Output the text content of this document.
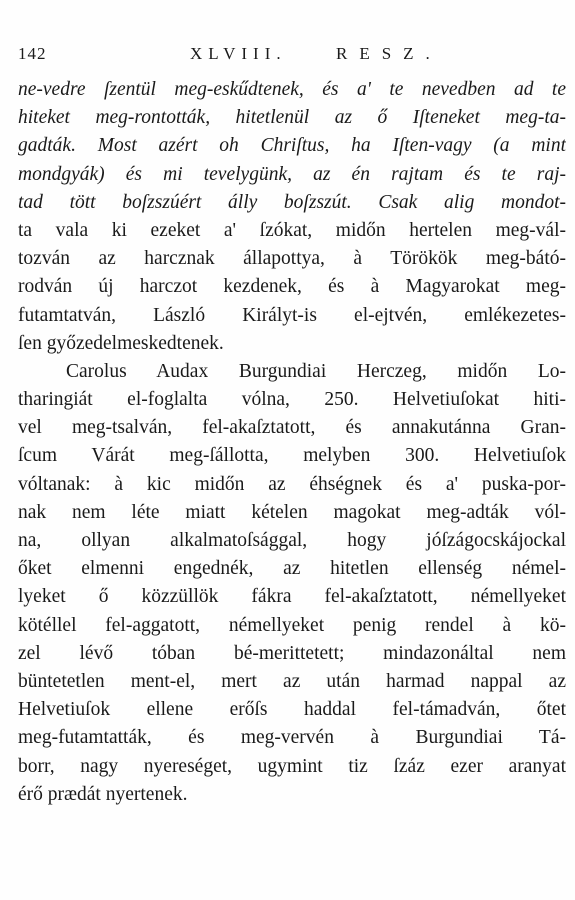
142	XLVIII.	RESZ.
ne-vedre ſzentül meg-eskűdtenek, és a' te nevedben ad te
hiteket meg-rontották, hitetlenül az ő Iſteneket meg-ta-
gadták. Most azért oh Chriſtus, ha Iſten-vagy (a mint
mondgyák) és mi tevelygünk, az én rajtam és te raj-
tad tött boſzszúért álly boſzszút. Csak alig mondot-
ta vala ki ezeket a' ſzókat, midőn hertelen meg-vál-
tozván az harcznak állapottya, à Törökök meg-bátó-
rodván új harczot kezdenek, és à Magyarokat meg-
futamtatván, László Királyt-is el-ejtvén, emlékezetes-
ſen győzedelmeskedtenek.
Carolus Audax Burgundiai Herczeg, midőn Lo-
tharingiát el-foglalta vólna, 250. Helvetiuſokat hiti-
vel meg-tsalván, fel-akaſztatott, és annakutánna Gran-
ſcum Várát meg-ſállotta, melyben 300. Helvetiuſok
vóltanak: à kic midőn az éhségnek és a' puska-por-
nak nem léte miatt kételen magokat meg-adták vól-
na, ollyan alkalmatoſsággal, hogy jóſzágocskájockal
őket elmenni engednék, az hitetlen ellenség némel-
lyeket ő közzüllök fákra fel-akaſztatott, némellyeket
kötéllel fel-aggatott, némellyeket penig rendel à kö-
zel lévő tóban bé-merittetett; mindazonáltal nem
büntetetlen ment-el, mert az után harmad nappal az
Helvetiuſok ellene erőſs haddal fel-támadván, őtet
meg-futamtatták, és meg-vervén à Burgundiai Tá-
borr, nagy nyereséget, ugymint tiz ſzáz ezer aranyat
érő prædát nyertenek.
